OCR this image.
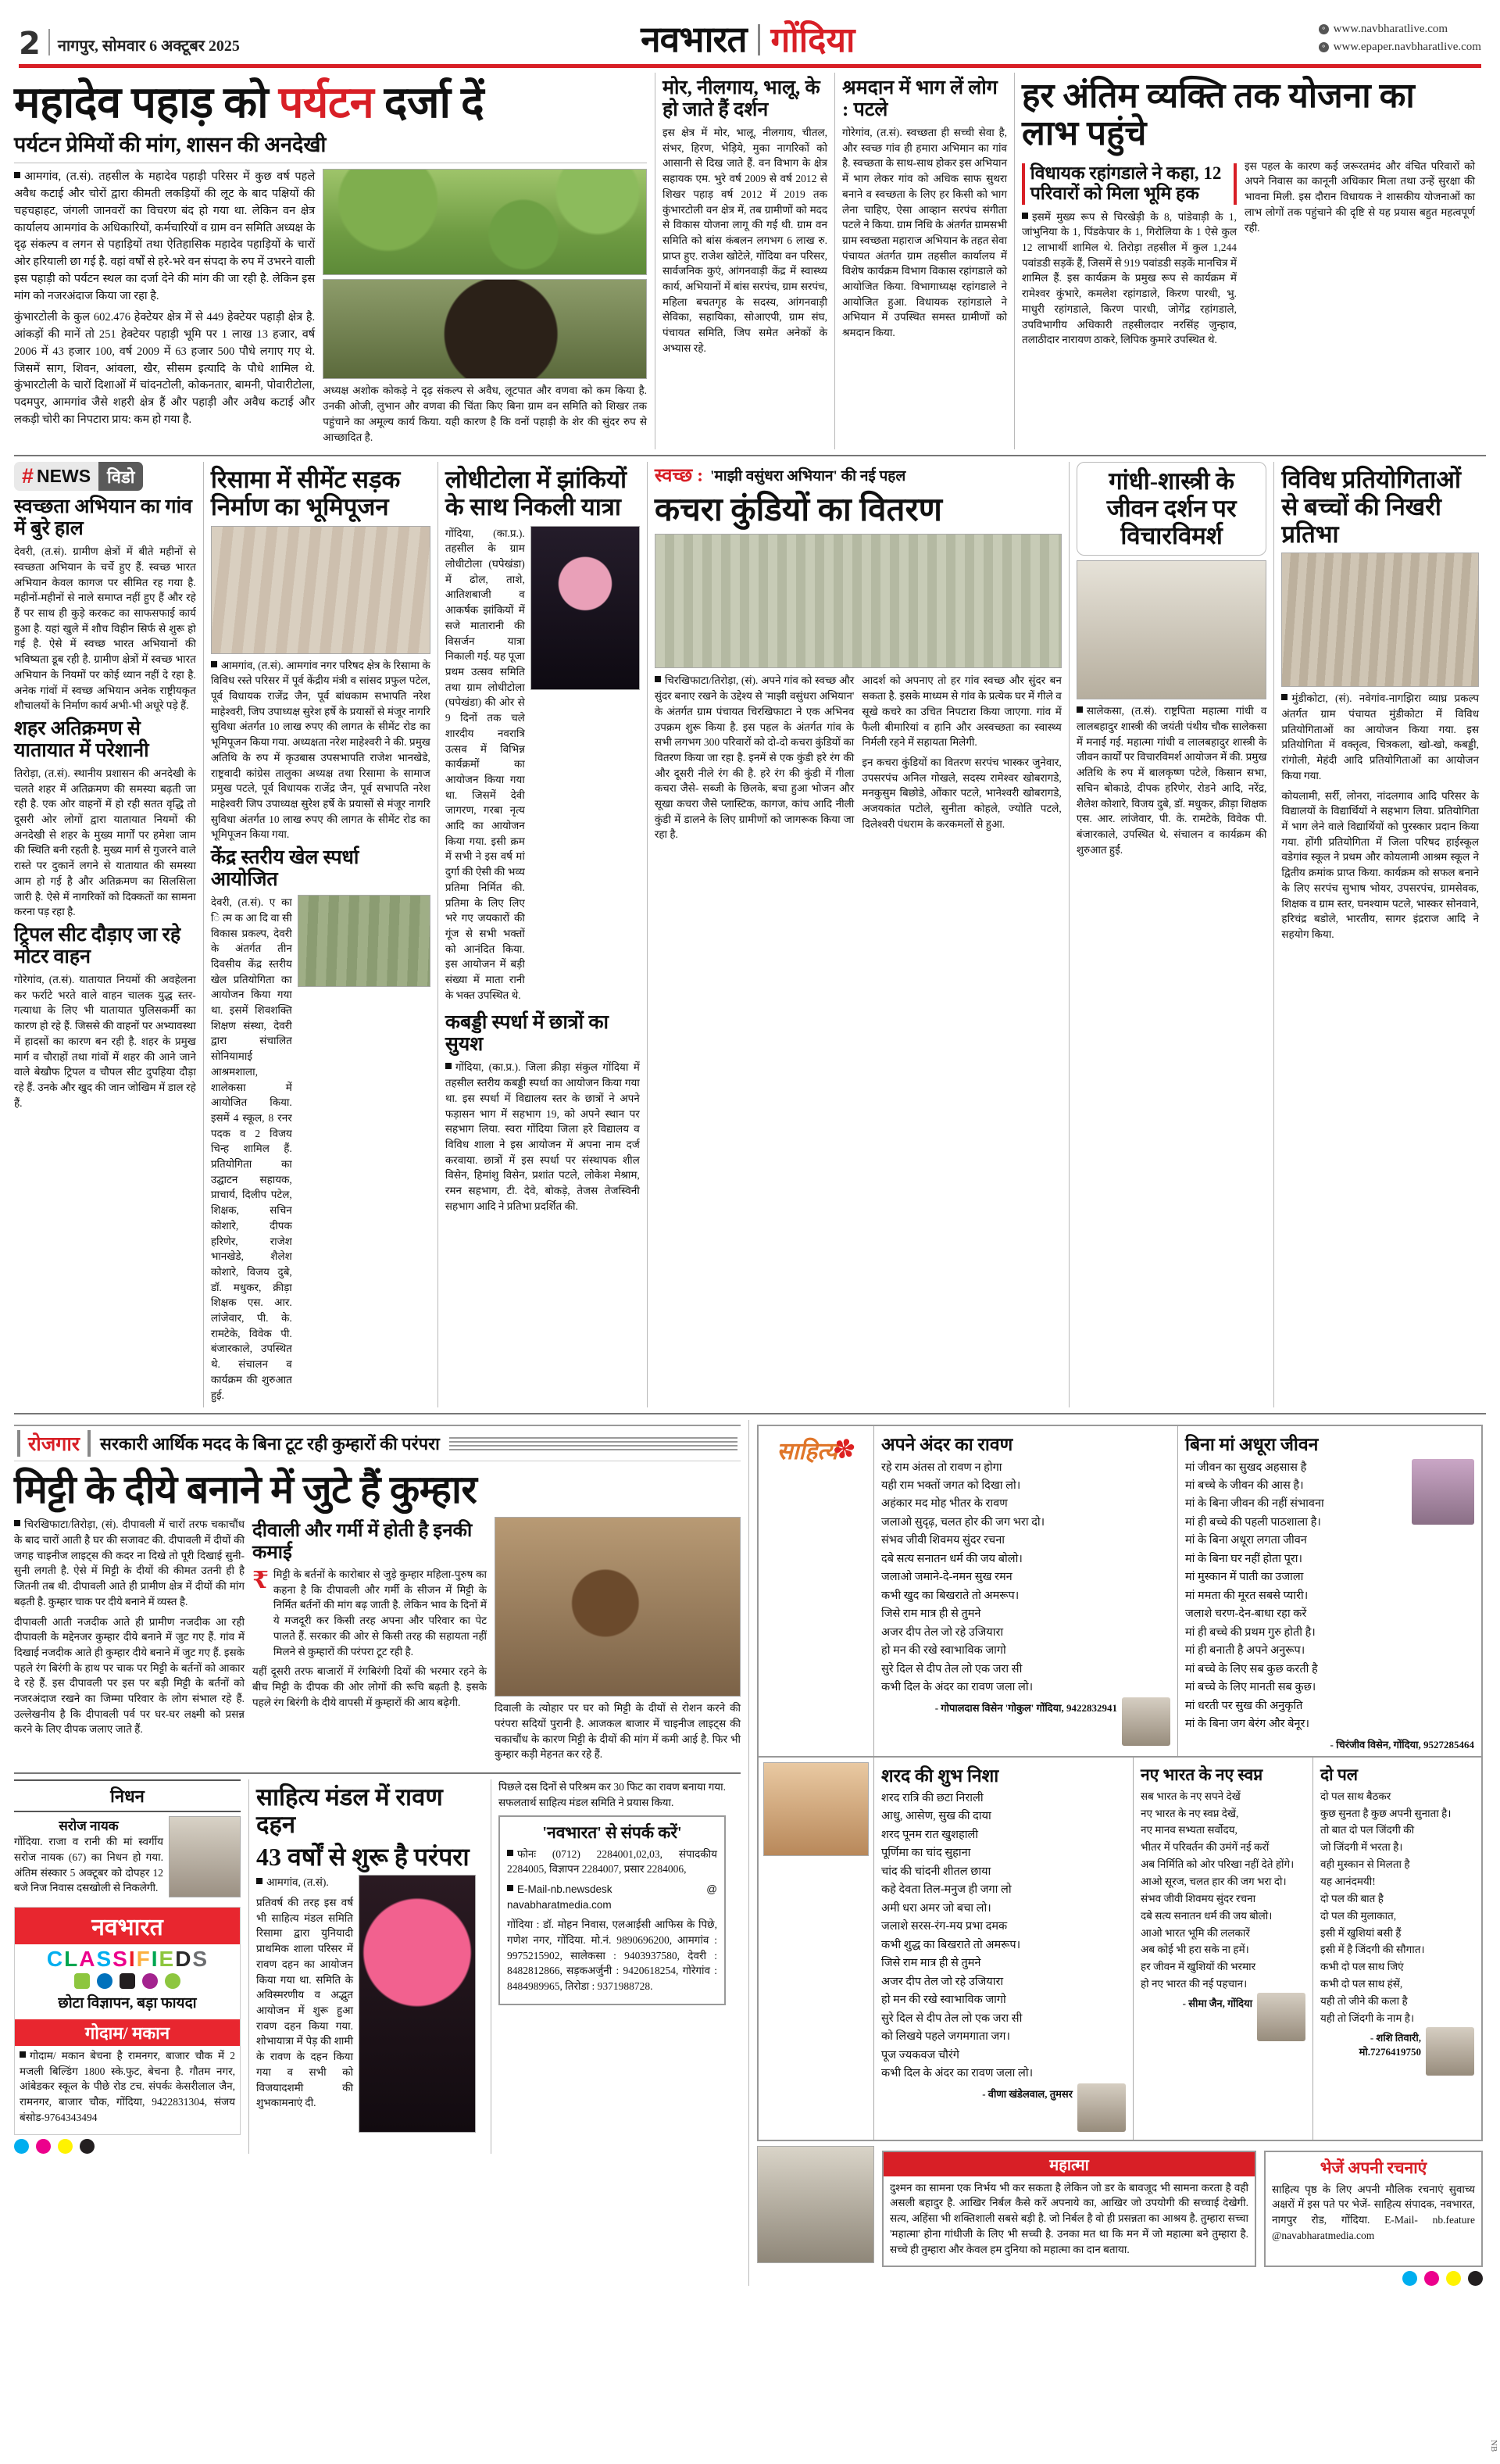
2 नागपुर, सोमवार 6 अक्टूबर 2025	नवभारत गोंदिया	⚬ www.navbharatlive.com
⚬ www.epaper.navbharatlive.com
महादेव पहाड़ को पर्यटन दर्जा दें
पर्यटन प्रेमियों की मांग, शासन की अनदेखी

आमगांव, (त.सं). तहसील के महादेव पहाड़ी परिसर में कुछ वर्ष पहले अवैध कटाई और चोरों द्वारा कीमती लकड़ियों की लूट के बाद पक्षियों की चहचहाहट, जंगली जानवरों का विचरण बंद हो गया था. लेकिन वन क्षेत्र कार्यालय आमगांव के अधिकारियों, कर्मचारियों व ग्राम वन समिति अध्यक्ष के दृढ़ संकल्प व लगन से पहाड़ियों तथा ऐतिहासिक महादेव पहाड़ियों के चारों ओर हरियाली छा गई है. वहां वर्षों से हरे-भरे वन संपदा के रुप में उभरने वाली इस पहाड़ी को पर्यटन स्थल का दर्जा देने की मांग की जा रही है. लेकिन इस मांग को नजरअंदाज किया जा रहा है.

कुंभारटोली के कुल 602.476 हेक्टेयर क्षेत्र में से 449 हेक्टेयर पहाड़ी क्षेत्र है. आंकड़ों की मानें तो 251 हेक्टेयर पहाड़ी भूमि पर 1 लाख 13 हजार, वर्ष 2006 में 43 हजार 100, वर्ष 2009 में 63 हजार 500 पौधे लगाए गए थे. जिसमें साग, शिवन, आंवला, खैर, सीसम इत्यादि के पौधे शामिल थे. कुंभारटोली के चारों दिशाओं में चांदनटोली, कोकनतार, बामनी, पोवारीटोला, पदमपुर, आमगांव जैसे शहरी क्षेत्र हैं और पहाड़ी और अवैध कटाई और लकड़ी चोरी का निपटारा प्राय: कम हो गया है.

अध्यक्ष अशोक कोकड़े ने दृढ़ संकल्प से अवैध, लूटपात और वणवा को कम किया है. उनकी ओजी, लुभान और वणवा की चिंता किए बिना ग्राम वन समिति को शिखर तक पहुंचाने का अमूल्य कार्य किया. यही कारण है कि वनों पहाड़ी के शेर की सुंदर रुप से आच्छादित है.

मोर, नीलगाय, भालू, के हो जाते हैं दर्शन

इस क्षेत्र में मोर, भालू, नीलगाय, चीतल, संभर, हिरण, भेड़िये, मुका नागरिकों को आसानी से दिख जाते हैं. वन विभाग के क्षेत्र सहायक एम. भुरे वर्ष 2009 से वर्ष 2012 से शिखर पहाड़ वर्ष 2012 में 2019 तक कुंभारटोली वन क्षेत्र में, तब ग्रामीणों को मदद से विकास योजना लागू की गई थी. ग्राम वन समिति को बांस कंबलन लगभग 6 लाख रु. प्राप्त हुए. राजेश खोटेले, गोंदिया वन परिसर, सार्वजनिक कुएं, आंगनवाड़ी केंद्र में स्वास्थ्य कार्य, अभियानों में बांस सरपंच, ग्राम सरपंच, महिला बचतगृह के सदस्य, आंगनवाड़ी सेविका, सहायिका, सोआएपी, ग्राम संघ, पंचायत समिति, जिप समेत अनेकों के अभ्यास रहे.

श्रमदान में भाग लें लोग : पटले

गोरेगांव, (त.सं). स्वच्छता ही सच्ची सेवा है, और स्वच्छ गांव ही हमारा अभिमान का गांव है. स्वच्छता के साथ-साथ होकर इस अभियान में भाग लेकर गांव को अधिक साफ सुथरा बनाने व स्वच्छता के लिए हर किसी को भाग लेना चाहिए, ऐसा आव्हान सरपंच संगीता पटले ने किया. ग्राम निधि के अंतर्गत ग्रामसभी ग्राम स्वच्छता महाराज अभियान के तहत सेवा पंचायत अंतर्गत ग्राम तहसील कार्यालय में विशेष कार्यक्रम विभाग विकास रहांगडाले को आयोजित किया. विभागाध्यक्ष रहांगडाले ने आयोजित हुआ. विधायक रहांगडाले ने अभियान में उपस्थित समस्त ग्रामीणों को श्रमदान किया.

हर अंतिम व्यक्ति तक योजना का लाभ पहुंचे
विधायक रहांगडाले ने कहा, 12 परिवारों को मिला भूमि हक

इसमें मुख्य रूप से चिरखेड़ी के 8, पांडेवाड़ी के 1, जांभुनिया के 1, पिंडकेपार के 1, गिरोलिया के 1 ऐसे कुल 12 लाभार्थी शामिल थे. तिरोड़ा तहसील में कुल 1,244 पवांडडी सड़कें हैं, जिसमें से 919 पवांडडी सड़कें मानचित्र में शामिल हैं. इस कार्यक्रम के प्रमुख रूप से कार्यक्रम में रामेश्वर कुंभारे, कमलेश रहांगडाले, किरण पारधी, भु. माधुरी रहांगडाले, किरण पारधी, जोगेंद्र रहांगडाले, उपविभागीय अधिकारी तहसीलदार नरसिंह जुन्हाव, तलाठीदार नारायण ठाकरे, लिपिक कुमारे उपस्थित थे.

इस पहल के कारण कई जरूरतमंद और वंचित परिवारों को अपने निवास का कानूनी अधिकार मिला तथा उन्हें सुरक्षा की भावना मिली. इस दौरान विधायक ने शासकीय योजनाओं का लाभ लोगों तक पहुंचाने की दृष्टि से यह प्रयास बहुत महत्वपूर्ण रही.

# NEWS विडो
स्वच्छता अभियान का गांव में बुरे हाल

देवरी, (त.सं). ग्रामीण क्षेत्रों में बीते महीनों से स्वच्छता अभियान के चर्चे हुए हैं. स्वच्छ भारत अभियान केवल कागज पर सीमित रह गया है. महीनों-महीनों से नाले समाप्त नहीं हुए हैं और रहे हैं पर साथ ही कुड़े करकट का साफसफाई कार्य हुआ है. यहां खुले में शौच विहीन सिर्फ से शुरू हो गई है. ऐसे में स्वच्छ भारत अभियानों की भविष्यता डूब रही है. ग्रामीण क्षेत्रों में स्वच्छ भारत अभियान के नियमों पर कोई ध्यान नहीं दे रहा है. अनेक गांवों में स्वच्छ अभियान अनेक राष्ट्रीयकृत शौचालयों के निर्माण कार्य अभी-भी अधूरे पड़े हैं.

शहर अतिक्रमण से यातायात में परेशानी

तिरोड़ा, (त.सं). स्थानीय प्रशासन की अनदेखी के चलते शहर में अतिक्रमण की समस्या बढ़ती जा रही है. एक ओर वाहनों में हो रही सतत वृद्धि तो दूसरी ओर लोगों द्वारा यातायात नियमों की अनदेखी से शहर के मुख्य मार्गों पर हमेशा जाम की स्थिति बनी रहती है. मुख्य मार्ग से गुजरने वाले रास्ते पर दुकानें लगने से यातायात की समस्या आम हो गई है और अतिक्रमण का सिलसिला जारी है. ऐसे में नागरिकों को दिक्कतों का सामना करना पड़ रहा है.

ट्रिपल सीट दौड़ाए जा रहे मोटर वाहन

गोरेगांव, (त.सं). यातायात नियमों की अवहेलना कर फर्राटे भरते वाले वाहन चालक युद्ध स्तर-गत्याधा के लिए भी यातायात पुलिसकर्मी का कारण हो रहे हैं. जिससे की वाहनों पर अभ्यावस्था में हादसों का कारण बन रही है. शहर के प्रमुख मार्ग व चौराहों तथा गांवों में शहर की आने जाने वाले बेखौफ ट्रिपल व चौपल सीट दुपहिया दौड़ा रहे हैं. उनके और खुद की जान जोखिम में डाल रहे हैं.

रिसामा में सीमेंट सड़क निर्माण का भूमिपूजन

आमगांव, (त.सं). आमगांव नगर परिषद क्षेत्र के रिसामा के विविध रस्ते परिसर में पूर्व केंद्रीय मंत्री व सांसद प्रफुल पटेल, पूर्व विधायक राजेंद्र जैन, पूर्व बांधकाम सभापति नरेश माहेश्वरी, जिप उपाध्यक्ष सुरेश हर्षे के प्रयासों से मंजूर नागरि सुविधा अंतर्गत 10 लाख रुपए की लागत के सीमेंट रोड का भूमिपूजन किया गया. अध्यक्षता नरेश माहेश्वरी ने की. प्रमुख अतिथि के रुप में कृउबास उपसभापति राजेश भानखेडे, राष्ट्रवादी कांग्रेस तालुका अध्यक्ष तथा रिसामा के सामाज प्रमुख पटले, पूर्व विधायक राजेंद्र जैन, पूर्व सभापति नरेश माहेश्वरी जिप उपाध्यक्ष सुरेश हर्षे के प्रयासों से मंजूर नागरि सुविधा अंतर्गत 10 लाख रुपए की लागत के सीमेंट रोड का भूमिपूजन किया गया.

केंद्र स्तरीय खेल स्पर्धा आयोजित

देवरी, (त.सं). ए का ि त्म क आ दि वा सी विकास प्रकल्प, देवरी के अंतर्गत तीन दिवसीय केंद्र स्तरीय खेल प्रतियोगिता का आयोजन किया गया था. इसमें शिवशक्ति शिक्षण संस्था, देवरी द्वारा संचालित सोनियामाई आश्रमशाला, शालेकसा में आयोजित किया. इसमें 4 स्कूल, 8 रनर पदक व 2 विजय चिन्ह शामिल हैं. प्रतियोगिता का उद्घाटन सहायक, प्राचार्य, दिलीप पटेल, शिक्षक, सचिन कोशारे, दीपक हरिणेर, राजेश भानखेडे, शैलेश कोशारे, विजय दुबे, डॉ. मधुकर, क्रीड़ा शिक्षक एस. आर. लांजेवार, पी. के. रामटेके, विवेक पी. बंजारकाले, उपस्थित थे. संचालन व कार्यक्रम की शुरुआत हुई.

लोधीटोला में झांकियों के साथ निकली यात्रा

गोंदिया, (का.प्र.). तहसील के ग्राम लोधीटोला (घपेखंडा) में ढोल, ताशे, आतिशबाजी व आकर्षक झांकियों में सजे मातारानी की विसर्जन यात्रा निकाली गई. यह पूजा प्रथम उत्सव समिति तथा ग्राम लोधीटोला (घपेखंडा) की ओर से 9 दिनों तक चले शारदीय नवरात्रि उत्सव में विभिन्न कार्यक्रमों का आयोजन किया गया था. जिसमें देवी जागरण, गरबा नृत्य आदि का आयोजन किया गया. इसी क्रम में सभी ने इस वर्ष मां दुर्गा की ऐसी की भव्य प्रतिमा निर्मित की. प्रतिमा के लिए लिए भरे गए जयकारों की गूंज से सभी भक्तों को आनंदित किया. इस आयोजन में बड़ी संख्या में माता रानी के भक्त उपस्थित थे.

कबड्डी स्पर्धा में छात्रों का सुयश

गोंदिया, (का.प्र.). जिला क्रीड़ा संकुल गोंदिया में तहसील स्तरीय कबड्डी स्पर्धा का आयोजन किया गया था. इस स्पर्धा में विद्यालय स्तर के छात्रों ने अपने फड़ासन भाग में सहभाग 19, को अपने स्थान पर सहभाग लिया. स्वरा गोंदिया जिला हरे विद्यालय व विविध शाला ने इस आयोजन में अपना नाम दर्ज करवाया. छात्रों में इस स्पर्धा पर संस्थापक शील विसेन, हिमांशु विसेन, प्रशांत पटले, लोकेश मेश्राम, रमन सहभाग, टी. देवे, बोकड़े, तेजस तेजस्विनी सहभाग आदि ने प्रतिभा प्रदर्शित की.

स्वच्छ : 'माझी वसुंधरा अभियान' की नई पहल
कचरा कुंडियों का वितरण

चिरखिफाटा/तिरोड़ा, (सं). अपने गांव को स्वच्छ और सुंदर बनाए रखने के उद्देश्य से 'माझी वसुंधरा अभियान' के अंतर्गत ग्राम पंचायत चिरखिफाटा ने एक अभिनव उपक्रम शुरू किया है. इस पहल के अंतर्गत गांव के सभी लगभग 300 परिवारों को दो-दो कचरा कुंडियों का वितरण किया जा रहा है. इनमें से एक कुंडी हरे रंग की और दूसरी नीले रंग की है. हरे रंग की कुंडी में गीला कचरा जैसे- सब्जी के छिलके, बचा हुआ भोजन और सूखा कचरा जैसे प्लास्टिक, कागज, कांच आदि नीली कुंडी में डालने के लिए ग्रामीणों को जागरूक किया जा रहा है.

आदर्श को अपनाए तो हर गांव स्वच्छ और सुंदर बन सकता है. इसके माध्यम से गांव के प्रत्येक घर में गीले व सूखे कचरे का उचित निपटारा किया जाएगा. गांव में फैली बीमारियां व हानि और अस्वच्छता का स्वास्थ्य निर्मली रहने में सहायता मिलेगी.

इन कचरा कुंडियों का वितरण सरपंच भास्कर जुनेवार, उपसरपंच अनिल गोखले, सदस्य रामेश्वर खोबरागडे, मनकुसुम बिछोडे, ओंकार पटले, भानेश्वरी खोबरागडे, अजयकांत पटोले, सुनीता कोहले, ज्योति पटले, दिलेश्वरी पंधराम के करकमलों से हुआ.

गांधी-शास्त्री के जीवन दर्शन पर विचारविमर्श

सालेकसा, (त.सं). राष्ट्रपिता महात्मा गांधी व लालबहादुर शास्त्री की जयंती पंथीय चौक सालेकसा में मनाई गई. महात्मा गांधी व लालबहादुर शास्त्री के जीवन कार्यों पर विचारविमर्श आयोजन में की. प्रमुख अतिथि के रुप में बालकृष्ण पटेले, किसान सभा, सचिन बोकाडे, दीपक हरिणेर, रोडने आदि, नरेंद्र, शैलेश कोशारे, विजय दुबे, डॉ. मधुकर, क्रीड़ा शिक्षक एस. आर. लांजेवार, पी. के. रामटेके, विवेक पी. बंजारकाले, उपस्थित थे. संचालन व कार्यक्रम की शुरुआत हुई.

विविध प्रतियोगिताओं से बच्चों की निखरी प्रतिभा

मुंडीकोटा, (सं). नवेगांव-नागझिरा व्याघ्र प्रकल्प अंतर्गत ग्राम पंचायत मुंडीकोटा में विविध प्रतियोगिताओं का आयोजन किया गया. इस प्रतियोगिता में वक्तृत्व, चित्रकला, खो-खो, कबड्डी, रांगोली, मेहंदी आदि प्रतियोगिताओं का आयोजन किया गया.

कोयलामी, सर्री, लोनरा, नांदलगाव आदि परिसर के विद्यालयों के विद्यार्थियों ने सहभाग लिया. प्रतियोगिता में भाग लेने वाले विद्यार्थियों को पुरस्कार प्रदान किया गया. होंगी प्रतियोगिता में जिला परिषद हाईस्कूल वडेगांव स्कूल ने प्रथम और कोयलामी आश्रम स्कूल ने द्वितीय क्रमांक प्राप्त किया. कार्यक्रम को सफल बनाने के लिए सरपंच सुभाष भोयर, उपसरपंच, ग्रामसेवक, शिक्षक व ग्राम स्तर, घनश्याम पटले, भास्कर सोनवाने, हरिचंद्र बडोले, भारतीय, सागर इंद्रराज आदि ने सहयोग किया.

रोजगार	सरकारी आर्थिक मदद के बिना टूट रही कुम्हारों की परंपरा
मिट्टी के दीये बनाने में जुटे हैं कुम्हार

चिरखिफाटा/तिरोड़ा, (सं). दीपावली में चारों तरफ चकाचौंध के बाद चारों आती है घर की सजावट की. दीपावली में दीयों की जगह चाइनीज लाइट्स की कदर ना दिखे तो पूरी दिखाई सुनी-सुनी लगती है. ऐसे में मिट्टी के दीयों की कीमत उतनी ही है जितनी तब थी. दीपावली आते ही प्रामीण क्षेत्र में दीयों की मांग बढ़ती है. कुम्हार चाक पर दीये बनाने में व्यस्त है.

दीपावली आती नजदीक आते ही प्रामीण नजदीक आ रही दीपावली के मद्देनजर कुम्हार दीये बनाने में जुट गए हैं. गांव में दिखाई नजदीक आते ही कुम्हार दीये बनाने में जुट गए हैं. इसके पहले रंग बिरंगी के हाथ पर चाक पर मिट्टी के बर्तनों को आकार दे रहे हैं. इस दीपावली पर इस पर बड़ी मिट्टी के बर्तनों को नजरअंदाज रखने का जिम्मा परिवार के लोग संभाल रहे हैं. उल्लेखनीय है कि दीपावली पर्व पर घर-घर लक्ष्मी को प्रसन्न करने के लिए दीपक जलाए जाते हैं.

दीवाली और गर्मी में होती है इनकी कमाई
₹ मिट्टी के बर्तनों के कारोबार से जुड़े कुम्हार महिला-पुरुष का कहना है कि दीपावली और गर्मी के सीजन में मिट्टी के निर्मित बर्तनों की मांग बढ़ जाती है. लेकिन भाव के दिनों में ये मजदूरी कर किसी तरह अपना और परिवार का पेट पालते हैं. सरकार की ओर से किसी तरह की सहायता नहीं मिलने से कुम्हारों की परंपरा टूट रही है.

यहीं दूसरी तरफ बाजारों में रंगबिरंगी दियों की भरमार रहने के बीच मिट्टी के दीपक की ओर लोगों की रूचि बढ़ती है. इसके पहले रंग बिरंगी के दीये वापसी में कुम्हारों की आय बढ़ेगी.

दिवाली के त्योहार पर घर को मिट्टी के दीयों से रोशन करने की परंपरा सदियों पुरानी है. आजकल बाजार में चाइनीज लाइट्स की चकाचौंध के कारण मिट्टी के दीयों की मांग में कमी आई है. फिर भी कुम्हार कड़ी मेहनत कर रहे हैं.

निधन
सरोज नायक

गोंदिया. राजा व रानी की मां स्वर्गीय सरोज नायक (67) का निधन हो गया. अंतिम संस्कार 5 अक्टूबर को दोपहर 12 बजे निज निवास दसखोली से निकलेगी.

नवभारत
C L A S S I F I E D S
छोटा विज्ञापन, बड़ा फायदा
गोदाम/ मकान

गोदाम/ मकान बेचना है रामनगर, बाजार चौक में 2 मजली बिल्डिंग 1800 स्के.फुट, बेचना है. गौतम नगर, आंबेडकर स्कूल के पीछे रोड टच. संपर्कः केसरीलाल जैन, रामनगर, बाजार चौक, गोंदिया, 9422831304, संजय बंसोड-9764343494

साहित्य मंडल में रावण दहन
43 वर्षों से शुरू है परंपरा

आमगांव, (त.सं).

प्रतिवर्ष की तरह इस वर्ष भी साहित्य मंडल समिति रिसामा द्वारा युनियादी प्राथमिक शाला परिसर में रावण दहन का आयोजन किया गया था. समिति के अविस्मरणीय व अद्भुत आयोजन में शुरू हुआ रावण दहन किया गया. शोभायात्रा में पेड़ की शामी के रावण के दहन किया गया व सभी को विजयादशमी की शुभकामनाएं दी.

पिछले दस दिनों से परिश्रम कर 30 फिट का रावण बनाया गया. सफलतार्थ साहित्य मंडल समिति ने प्रयास किया.

'नवभारत' से संपर्क करें'

फोनः (0712) 2284001,02,03, संपादकीय 2284005, विज्ञापन 2284007, प्रसार 2284006,

E-Mail-nb.newsdesk @ navabharatmedia.com

गोंदिया : डॉ. मोहन निवास, एलआईसी आफिस के पिछे, गणेश नगर, गोंदिया. मो.नं. 9890696200, आमगांव : 9975215902, सालेकसा : 9403937580, देवरी : 8482812866, सड़कअर्जुनी : 9420618254, गोरेगांव : 8484989965, तिरोडा : 9371988728.

साहित्य
✽ अपने अंदर का रावण
रहे राम अंतस तो रावण न होगा
यही राम भक्तों जगत को दिखा लो।
अहंकार मद मोह भीतर के रावण
जलाओ सुदृढ़, चलत होर की जग भरा दो।
संभव जीवी शिवमय सुंदर रचना
दबे सत्य सनातन धर्म की जय बोलो।
जलाओ जमाने-दे-नमन सुख रमन
कभी खुद का बिखराते तो अमरूप।
जिसे राम मात्र ही से तुमने
अजर दीप तेल जो रहे उजियारा
हो मन की रखे स्वाभाविक जागो
सुरे दिल से दीप तेल लो एक जरा सी
कभी दिल के अंदर का रावण जला लो।
- गोपालदास विसेन 'गोकुल' गोंदिया, 9422832941
बिना मां अधूरा जीवन
मां जीवन का सुखद अहसास है
मां बच्चे के जीवन की आस है।
मां के बिना जीवन की नहीं संभावना
मां ही बच्चे की पहली पाठशाला है।
मां के बिना अधूरा लगता जीवन
मां के बिना घर नहीं होता पूरा।
मां मुस्कान में पाती का उजाला
मां ममता की मूरत सबसे प्यारी।
जलाशे चरण-देन-बाधा रहा करें
मां ही बच्चे की प्रथम गुरु होती है।
मां ही बनाती है अपने अनुरूप।
मां बच्चे के लिए सब कुछ करती है
मां बच्चे के लिए मानती सब कुछ।
मां धरती पर सुख की अनुकृति
मां के बिना जग बेरंग और बेनूर।
- चिरंजीव विसेन, गोंदिया, 9527285464
शरद की शुभ निशा
शरद रात्रि की छटा निराली
आधु, आसेण, सुख की दाया
शरद पूनम रात खुशहाली
पूर्णिमा का चांद सुहाना
चांद की चांदनी शीतल छाया
कहे देवता तिल-मनुज ही जगा लो
अमी धरा अमर जो बचा लो।
जलाशे सरस-रंग-मय प्रभा दमक
कभी शुद्ध का बिखराते तो अमरूप।
जिसे राम मात्र ही से तुमने
अजर दीप तेल जो रहे उजियारा
हो मन की रखे स्वाभाविक जागो
सुरे दिल से दीप तेल लो एक जरा सी
को लिखये पहले जगमगाता जग।
पूज ज्यकवज चौरंगे
कभी दिल के अंदर का रावण जला लो।
- वीणा खंडेलवाल, तुमसर
नए भारत के नए स्वप्न
सब भारत के नए सपने देखें
नए भारत के नए स्वप्न देखें,
नए मानव सभ्यता सर्वोदय,
भीतर में परिवर्तन की उमंगें नई करों
अब निर्मिति को ओर परिखा नहीं देते होंगे।
आओ सूरज, चलत हार की जग भरा दो।
संभव जीवी शिवमय सुंदर रचना
दबे सत्य सनातन धर्म की जय बोलो।
आओ भारत भूमि की ललकारें
अब कोई भी हरा सके ना हमें।
हर जीवन में खुशियों की भरमार
हो नए भारत की नई पहचान।
- सीमा जैन, गोंदिया
दो पल
दो पल साथ बैठकर
कुछ सुनता है कुछ अपनी सुनाता है।
तो बात दो पल जिंदगी की
जो जिंदगी में भरता है।
वही मुस्कान से मिलता है
यह आनंदमयी!
दो पल की बात है
दो पल की मुलाकात,
इसी में खुशियां बसी हैं
इसी में है जिंदगी की सौगात।
कभी दो पल साथ जिएं
कभी दो पल साथ हंसें,
यही तो जीने की कला है
यही तो जिंदगी के नाम है।
- शशि तिवारी, मो.7276419750
महात्मा

दुश्मन का सामना एक निर्भय भी कर सकता है लेकिन जो डर के बावजूद भी सामना करता है वही असली बहादुर है. आखिर निर्बल कैसे करें अपनाये का, आखिर जो उपयोगी की सच्चाई देखेगी. सत्य, अहिंसा भी शक्तिशाली सबसे बड़ी है. जो निर्बल है वो ही प्रसन्नता का आश्रय है. तुम्हारा सच्चा 'महात्मा' होना गांधीजी के लिए भी सच्ची है. उनका मत था कि मन में जो महात्मा बने तुम्हारा है. सच्चे ही तुम्हारा और केवल हम दुनिया को महात्मा का दान बताया.

भेजें अपनी रचनाएं

साहित्य पृष्ठ के लिए अपनी मौलिक रचनाएं सुवाच्य अक्षरों में इस पते पर भेजें- साहित्य संपादक, नवभारत, नागपुर रोड, गोंदिया. E-Mail- nb.feature @navabharatmedia.com

NB
